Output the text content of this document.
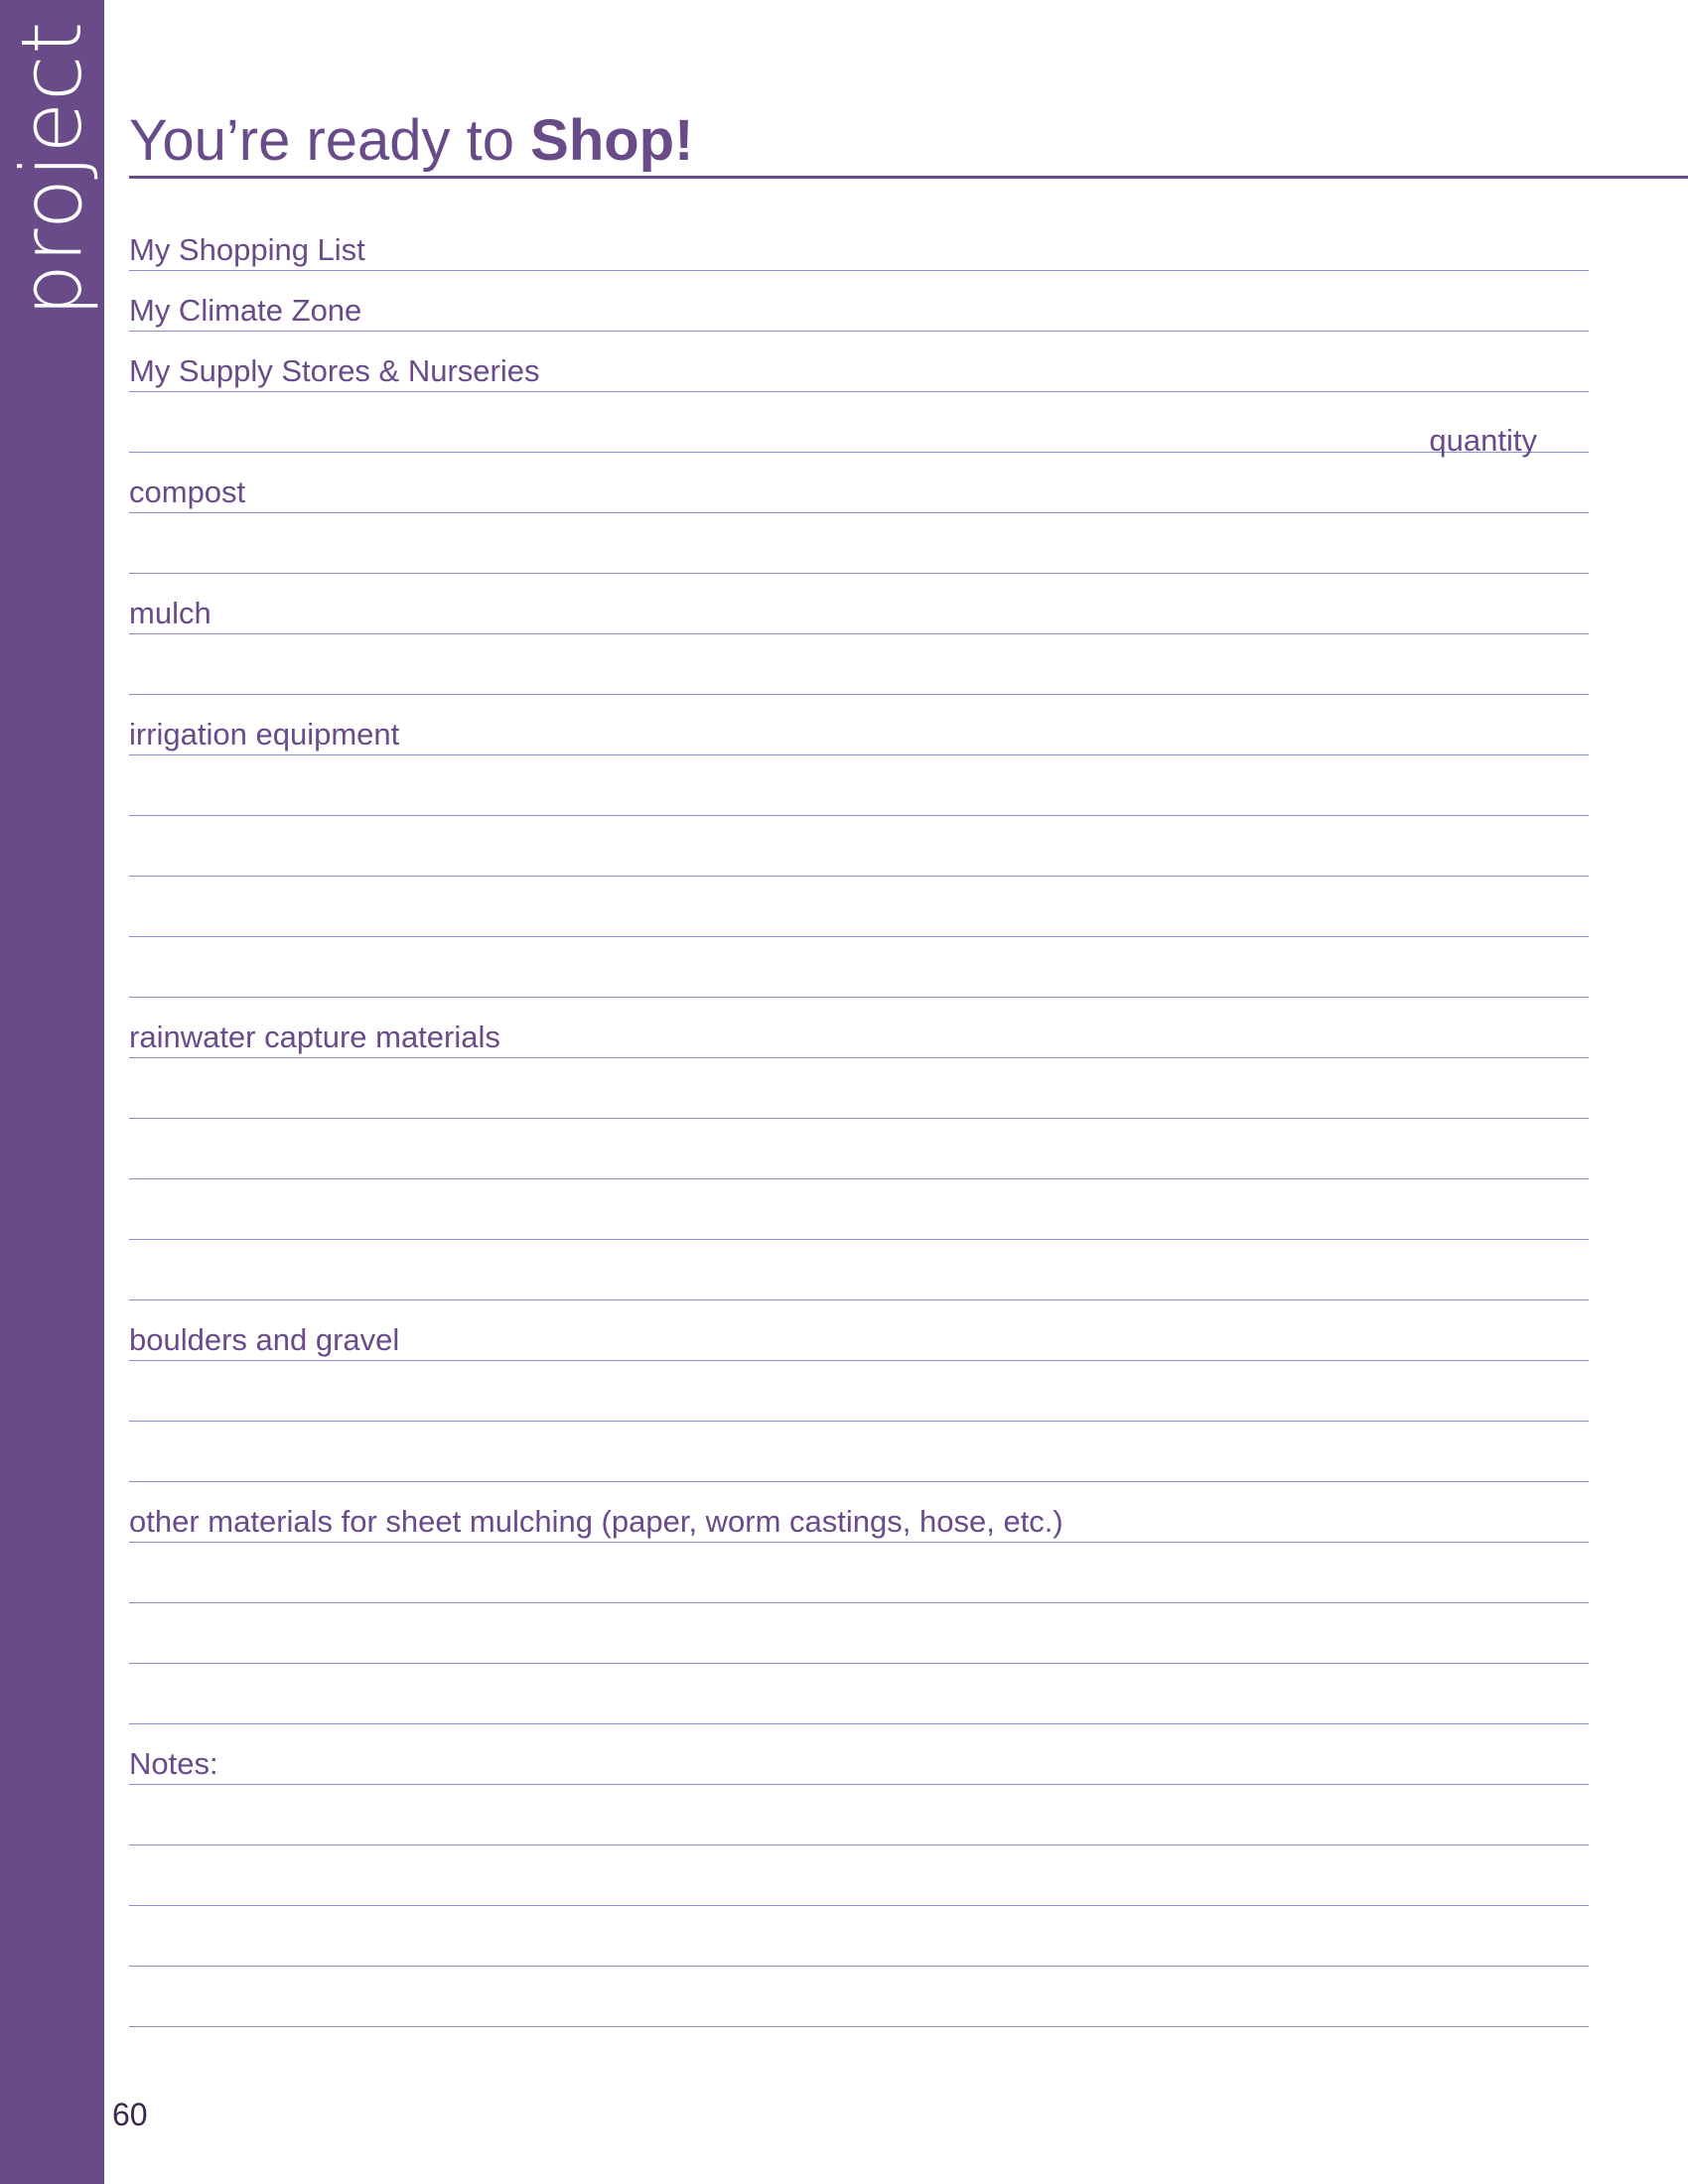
project You’re ready to Shop!
My Shopping List
My Climate Zone
My Supply Stores & Nurseries
quantity
compost
mulch
irrigation equipment
rainwater capture materials
boulders and gravel
other materials for sheet mulching (paper, worm castings, hose, etc.)
Notes:
60
